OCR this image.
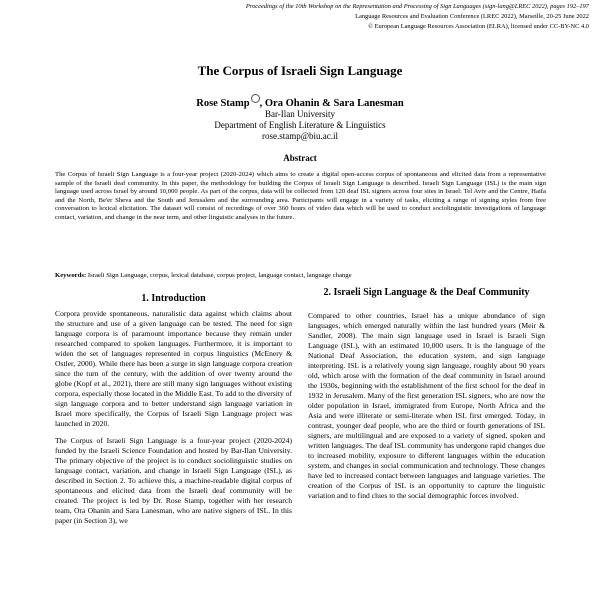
Proceedings of the 10th Workshop on the Representation and Processing of Sign Languages (sign-lang@LREC 2022), pages 192–197
Language Resources and Evaluation Conference (LREC 2022), Marseille, 20-25 June 2022
© European Language Resources Association (ELRA), licensed under CC-BY-NC 4.0
The Corpus of Israeli Sign Language
Rose Stamp , Ora Ohanin & Sara Lanesman
Bar-Ilan University
Department of English Literature & Linguistics
rose.stamp@biu.ac.il
Abstract

The Corpus of Israeli Sign Language is a four-year project (2020-2024) which aims to create a digital open-access corpus of spontaneous and elicited data from a representative sample of the Israeli deaf community. In this paper, the methodology for building the Corpus of Israeli Sign Language is described. Israeli Sign Language (ISL) is the main sign language used across Israel by around 10,000 people. As part of the corpus, data will be collected from 120 deaf ISL signers across four sites in Israel: Tel Aviv and the Centre, Haifa and the North, Be'er Sheva and the South and Jerusalem and the surrounding area. Participants will engage in a variety of tasks, eliciting a range of signing styles from free conversation to lexical elicitation. The dataset will consist of recordings of over 360 hours of video data which will be used to conduct sociolinguistic investigations of language contact, variation, and change in the near term, and other linguistic analyses in the future.

Keywords: Israeli Sign Language, corpus, lexical database, corpus project, language contact, language change

1. Introduction
2. Israeli Sign Language & the Deaf Community

Corpora provide spontaneous, naturalistic data against which claims about the structure and use of a given language can be tested. The need for sign language corpora is of paramount importance because they remain under researched compared to spoken languages. Furthermore, it is important to widen the set of languages represented in corpus linguistics (McEnery & Ostler, 2000). While there has been a surge in sign language corpora creation since the turn of the century, with the addition of over twenty around the globe (Kopf et al., 2021), there are still many sign languages without existing corpora, especially those located in the Middle East. To add to the diversity of sign language corpora and to better understand sign language variation in Israel more specifically, the Corpus of Israeli Sign Language project was launched in 2020.

The Corpus of Israeli Sign Language is a four-year project (2020-2024) funded by the Israeli Science Foundation and hosted by Bar-Ilan University. The primary objective of the project is to conduct sociolinguistic studies on language contact, variation, and change in Israeli Sign Language (ISL), as described in Section 2. To achieve this, a machine-readable digital corpus of spontaneous and elicited data from the Israeli deaf community will be created. The project is led by Dr. Rose Stamp, together with her research team, Ora Ohanin and Sara Lanesman, who are native signers of ISL. In this paper (in Section 3), we

Compared to other countries, Israel has a unique abundance of sign languages, which emerged naturally within the last hundred years (Meir & Sandler, 2008). The main sign language used in Israel is Israeli Sign Language (ISL), with an estimated 10,000 users. It is the language of the National Deaf Association, the education system, and sign language interpreting. ISL is a relatively young sign language, roughly about 90 years old, which arose with the formation of the deaf community in Israel around the 1930s, beginning with the establishment of the first school for the deaf in 1932 in Jerusalem. Many of the first generation ISL signers, who are now the older population in Israel, immigrated from Europe, North Africa and the Asia and were illiterate or semi-literate when ISL first emerged. Today, in contrast, younger deaf people, who are the third or fourth generations of ISL signers, are multilingual and are exposed to a variety of signed, spoken and written languages. The deaf ISL community has undergone rapid changes due to increased mobility, exposure to different languages within the education system, and changes in social communication and technology. These changes have led to increased contact between languages and language varieties. The creation of the Corpus of ISL is an opportunity to capture the linguistic variation and to find clues to the social demographic forces involved.
